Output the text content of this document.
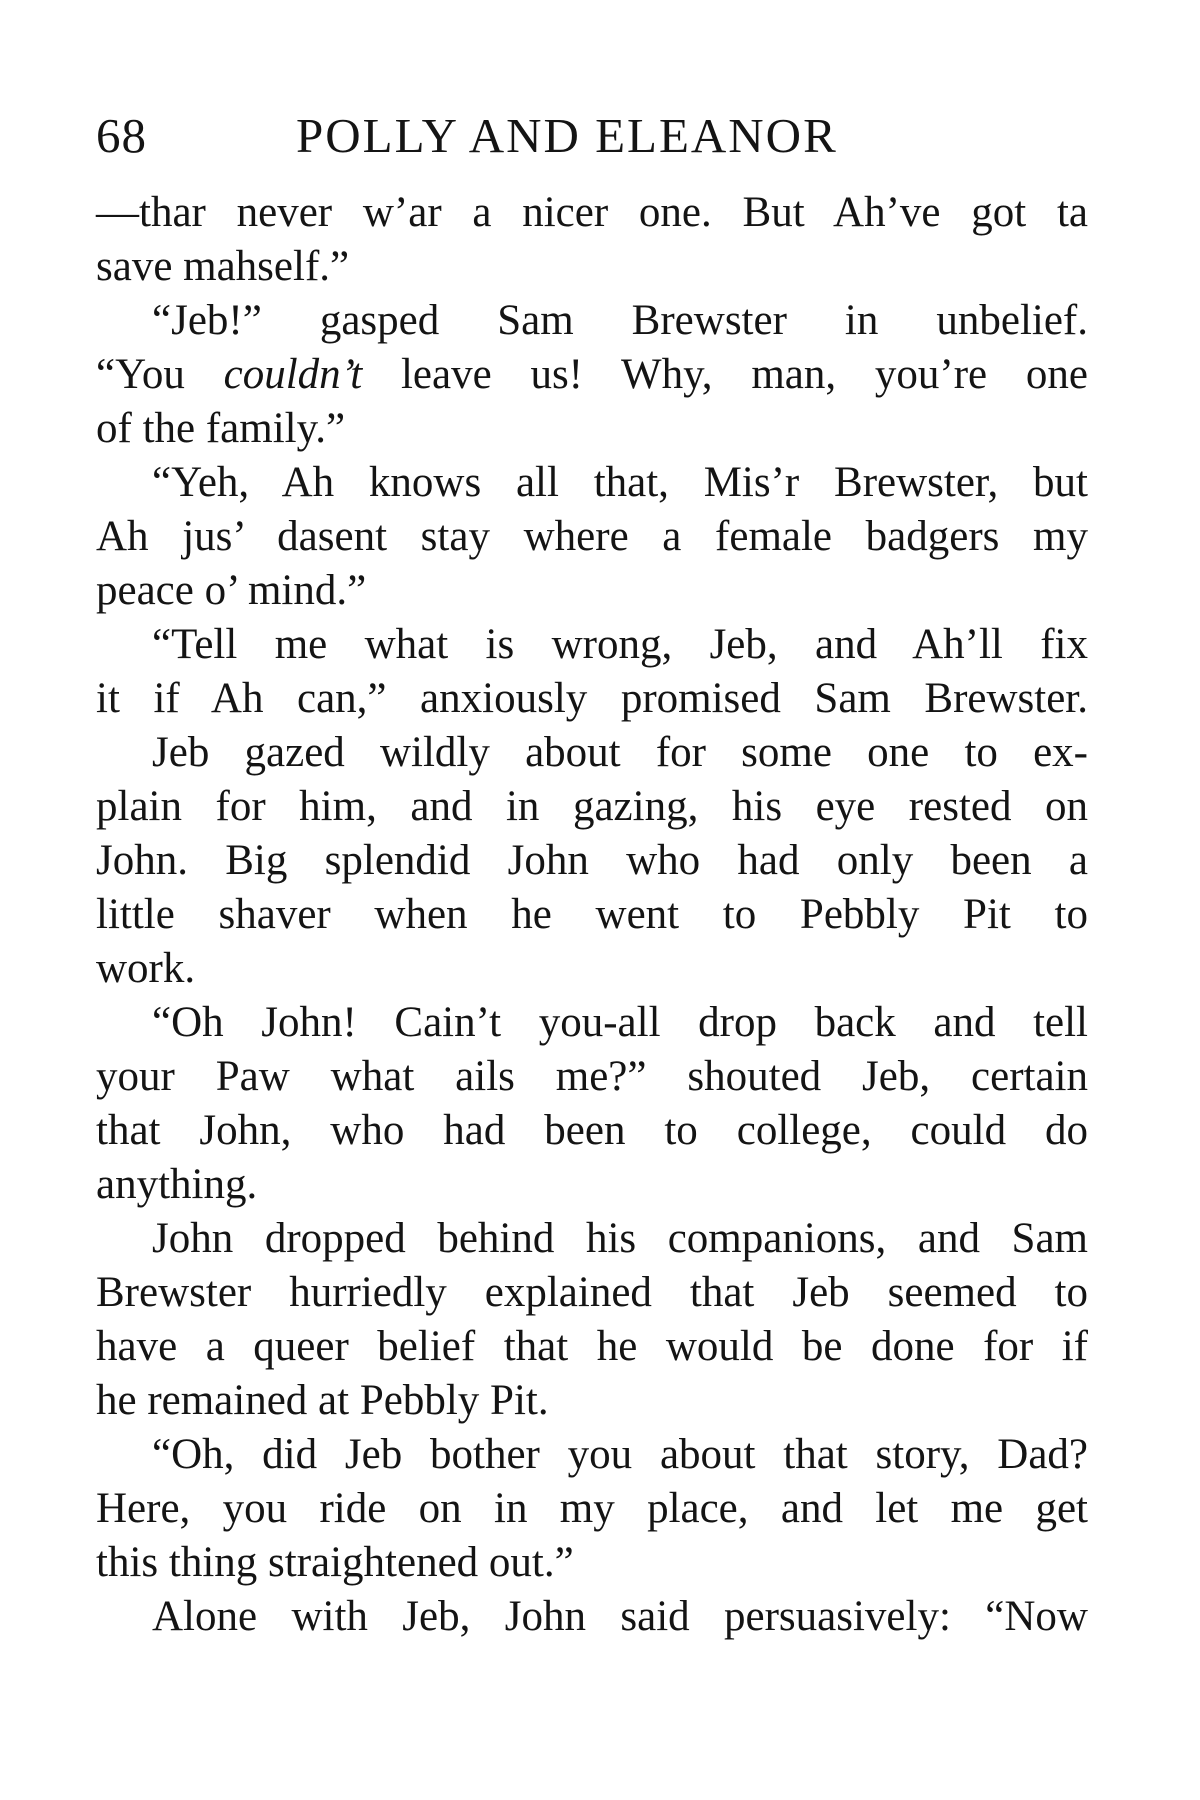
68	POLLY AND ELEANOR
—thar never w’ar a nicer one. But Ah’ve got ta
save mahself.”
“Jeb!” gasped Sam Brewster in unbelief.
“You couldn’t leave us! Why, man, you’re one
of the family.”
“Yeh, Ah knows all that, Mis’r Brewster, but
Ah jus’ dasent stay where a female badgers my
peace o’ mind.”
“Tell me what is wrong, Jeb, and Ah’ll fix
it if Ah can,” anxiously promised Sam Brewster.
Jeb gazed wildly about for some one to ex-
plain for him, and in gazing, his eye rested on
John. Big splendid John who had only been a
little shaver when he went to Pebbly Pit to
work.
“Oh John! Cain’t you-all drop back and tell
your Paw what ails me?” shouted Jeb, certain
that John, who had been to college, could do
anything.
John dropped behind his companions, and Sam
Brewster hurriedly explained that Jeb seemed to
have a queer belief that he would be done for if
he remained at Pebbly Pit.
“Oh, did Jeb bother you about that story, Dad?
Here, you ride on in my place, and let me get
this thing straightened out.”
Alone with Jeb, John said persuasively: “Now
